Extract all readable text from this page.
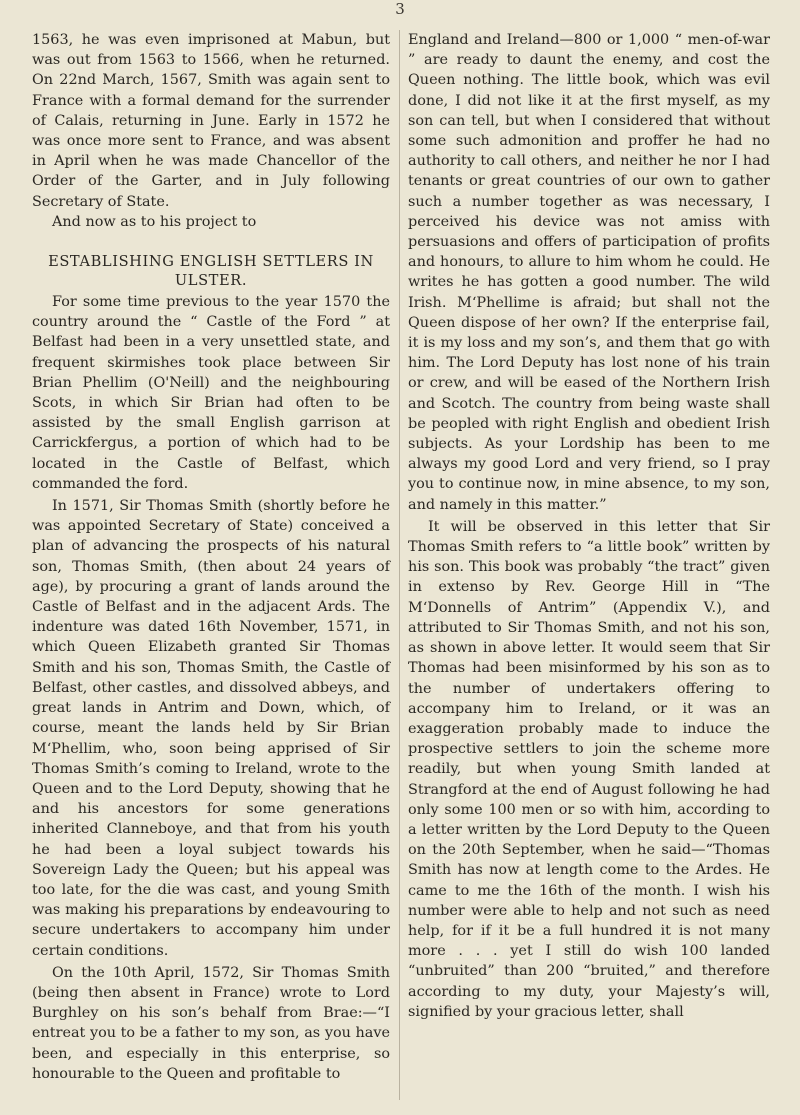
3

1563, he was even imprisoned at Mabun, but was out from 1563 to 1566, when he returned. On 22nd March, 1567, Smith was again sent to France with a formal demand for the surrender of Calais, returning in June. Early in 1572 he was once more sent to France, and was absent in April when he was made Chancellor of the Order of the Garter, and in July following Secretary of State.

And now as to his project to

ESTABLISHING ENGLISH SETTLERS IN ULSTER.

For some time previous to the year 1570 the country around the “ Castle of the Ford ” at Belfast had been in a very unsettled state, and frequent skirmishes took place between Sir Brian Phellim (O'Neill) and the neighbouring Scots, in which Sir Brian had often to be assisted by the small English garrison at Carrickfergus, a portion of which had to be located in the Castle of Belfast, which commanded the ford.

In 1571, Sir Thomas Smith (shortly before he was appointed Secretary of State) conceived a plan of advancing the prospects of his natural son, Thomas Smith, (then about 24 years of age), by procuring a grant of lands around the Castle of Belfast and in the adjacent Ards. The indenture was dated 16th November, 1571, in which Queen Elizabeth granted Sir Thomas Smith and his son, Thomas Smith, the Castle of Belfast, other castles, and dissolved abbeys, and great lands in Antrim and Down, which, of course, meant the lands held by Sir Brian M‘Phellim, who, soon being apprised of Sir Thomas Smith’s coming to Ireland, wrote to the Queen and to the Lord Deputy, showing that he and his ancestors for some generations inherited Clanneboye, and that from his youth he had been a loyal subject towards his Sovereign Lady the Queen; but his appeal was too late, for the die was cast, and young Smith was making his preparations by endeavouring to secure undertakers to accompany him under certain conditions.

On the 10th April, 1572, Sir Thomas Smith (being then absent in France) wrote to Lord Burghley on his son’s behalf from Brae:—“I entreat you to be a father to my son, as you have been, and especially in this enterprise, so honourable to the Queen and profitable to

England and Ireland—800 or 1,000 “ men-of-war ” are ready to daunt the enemy, and cost the Queen nothing. The little book, which was evil done, I did not like it at the first myself, as my son can tell, but when I considered that without some such admonition and proffer he had no authority to call others, and neither he nor I had tenants or great countries of our own to gather such a number together as was necessary, I perceived his device was not amiss with persuasions and offers of participation of profits and honours, to allure to him whom he could. He writes he has gotten a good number. The wild Irish. M‘Phellime is afraid; but shall not the Queen dispose of her own? If the enterprise fail, it is my loss and my son’s, and them that go with him. The Lord Deputy has lost none of his train or crew, and will be eased of the Northern Irish and Scotch. The country from being waste shall be peopled with right English and obedient Irish subjects. As your Lordship has been to me always my good Lord and very friend, so I pray you to continue now, in mine absence, to my son, and namely in this matter.”

It will be observed in this letter that Sir Thomas Smith refers to “a little book” written by his son. This book was probably “the tract” given in extenso by Rev. George Hill in “The M‘Donnells of Antrim” (Appendix V.), and attributed to Sir Thomas Smith, and not his son, as shown in above letter. It would seem that Sir Thomas had been misinformed by his son as to the number of undertakers offering to accompany him to Ireland, or it was an exaggeration probably made to induce the prospective settlers to join the scheme more readily, but when young Smith landed at Strangford at the end of August following he had only some 100 men or so with him, according to a letter written by the Lord Deputy to the Queen on the 20th September, when he said—“Thomas Smith has now at length come to the Ardes. He came to me the 16th of the month. I wish his number were able to help and not such as need help, for if it be a full hundred it is not many more . . . yet I still do wish 100 landed “unbruited” than 200 “bruited,” and therefore according to my duty, your Majesty’s will, signified by your gracious letter, shall
